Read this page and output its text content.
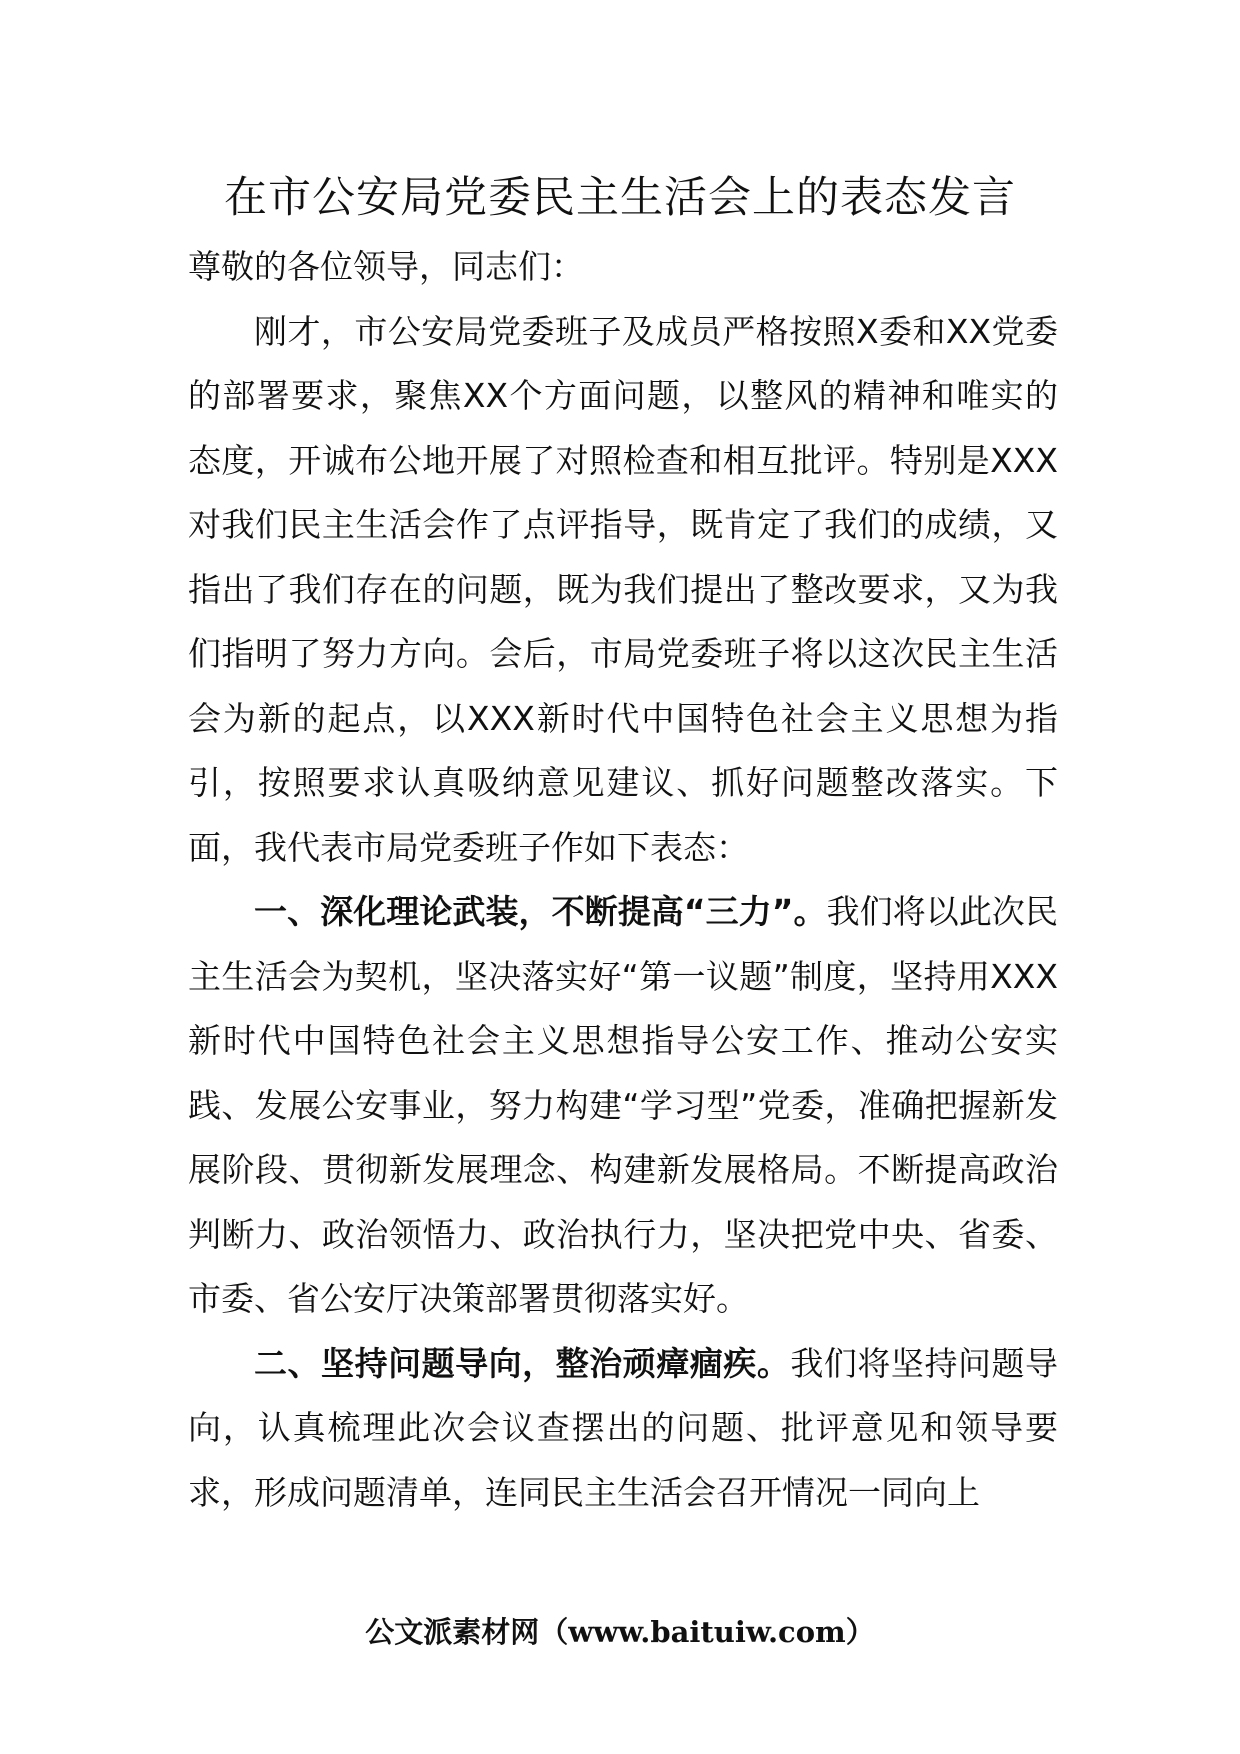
在市公安局党委民主生活会上的表态发言

尊敬的各位领导，同志们：

刚才，市公安局党委班子及成员严格按照X委和XX党委的部署要求，聚焦XX个方面问题，以整风的精神和唯实的态度，开诚布公地开展了对照检查和相互批评。特别是XXX对我们民主生活会作了点评指导，既肯定了我们的成绩，又指出了我们存在的问题，既为我们提出了整改要求，又为我们指明了努力方向。会后，市局党委班子将以这次民主生活会为新的起点，以XXX新时代中国特色社会主义思想为指引，按照要求认真吸纳意见建议、抓好问题整改落实。下面，我代表市局党委班子作如下表态：

一、深化理论武装，不断提高“三力”。我们将以此次民主生活会为契机，坚决落实好“第一议题”制度，坚持用XXX新时代中国特色社会主义思想指导公安工作、推动公安实践、发展公安事业，努力构建“学习型”党委，准确把握新发展阶段、贯彻新发展理念、构建新发展格局。不断提高政治判断力、政治领悟力、政治执行力，坚决把党中央、省委、市委、省公安厅决策部署贯彻落实好。

二、坚持问题导向，整治顽瘴痼疾。我们将坚持问题导向，认真梳理此次会议查摆出的问题、批评意见和领导要求，形成问题清单，连同民主生活会召开情况一同向上

公文派素材网（www.baituiw.com）
